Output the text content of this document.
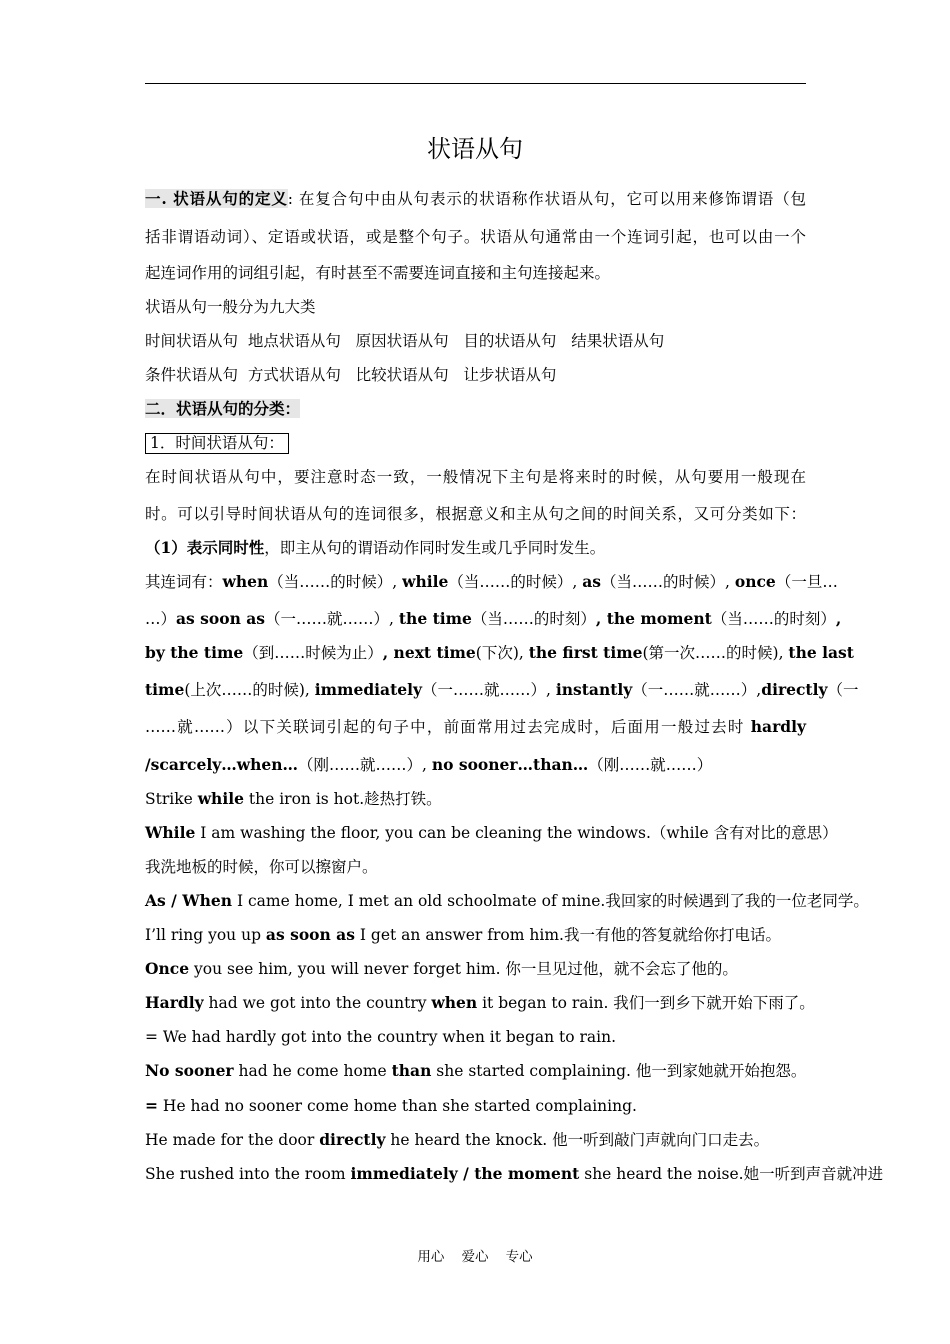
状语从句
一. 状语从句的定义: 在复合句中由从句表示的状语称作状语从句，它可以用来修饰谓语（包
括非谓语动词）、定语或状语，或是整个句子。状语从句通常由一个连词引起，也可以由一个
起连词作用的词组引起，有时甚至不需要连词直接和主句连接起来。
状语从句一般分为九大类
时间状语从句  地点状语从句   原因状语从句   目的状语从句   结果状语从句
条件状语从句  方式状语从句   比较状语从句   让步状语从句
二．状语从句的分类：
1．时间状语从句：
在时间状语从句中，要注意时态一致，一般情况下主句是将来时的时候，从句要用一般现在
时。可以引导时间状语从句的连词很多，根据意义和主从句之间的时间关系，又可分类如下：
（1）表示同时性，即主从句的谓语动作同时发生或几乎同时发生。
其连词有：when（当……的时候）, while（当……的时候）, as（当……的时候）, once（一旦…
…）as soon as（一……就……）, the time（当……的时刻）, the moment（当……的时刻）,
by the time（到……时候为止）, next time(下次), the first time(第一次……的时候), the last
time(上次……的时候), immediately（一……就……）, instantly（一……就……）,directly（一
……就……）以下关联词引起的句子中，前面常用过去完成时，后面用一般过去时 hardly
/scarcely…when…（刚……就……）, no sooner…than…（刚……就……）
Strike while the iron is hot.趁热打铁。
While I am washing the floor, you can be cleaning the windows.（while 含有对比的意思）
我洗地板的时候，你可以擦窗户。
As / When I came home, I met an old schoolmate of mine.我回家的时候遇到了我的一位老同学。
I’ll ring you up as soon as I get an answer from him.我一有他的答复就给你打电话。
Once you see him, you will never forget him. 你一旦见过他，就不会忘了他的。
Hardly had we got into the country when it began to rain. 我们一到乡下就开始下雨了。
= We had hardly got into the country when it began to rain.
No sooner had he come home than she started complaining. 他一到家她就开始抱怨。
= He had no sooner come home than she started complaining.
He made for the door directly he heard the knock. 他一听到敲门声就向门口走去。
She rushed into the room immediately / the moment she heard the noise.她一听到声音就冲进
用心    爱心    专心
